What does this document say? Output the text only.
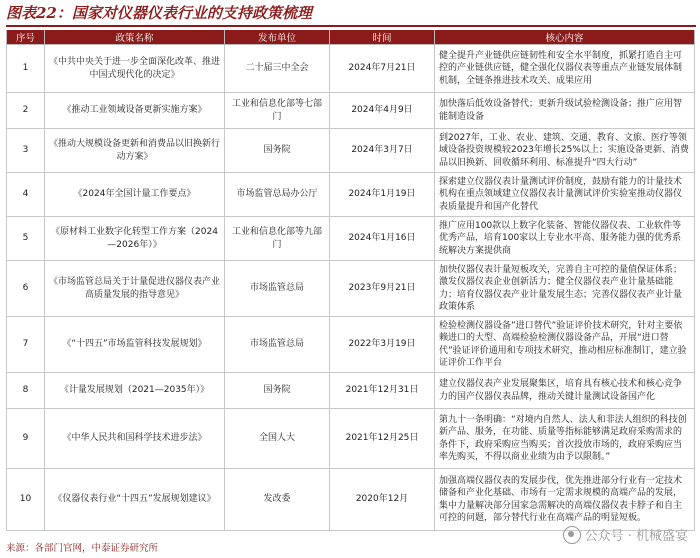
图表22：国家对仪器仪表行业的支持政策梳理
序号	政策名称	发布单位	时间	核心内容
1	《中共中央关于进一步全面深化改革、推进中国式现代化的决定》	二十届三中全会	2024年7月21日	健全提升产业链供应链韧性和安全水平制度，抓紧打造自主可控的产业链供应链，健全强化仪器仪表等重点产业链发展体制机制，全链条推进技术攻关、成果应用
2	《推动工业领域设备更新实施方案》	工业和信息化部等七部门	2024年4月9日	加快落后低效设备替代；更新升级试验检测设备；推广应用智能制造设备
3	《推动大规模设备更新和消费品以旧换新行动方案》	国务院	2024年3月7日	到2027年，工业、农业、建筑、交通、教育、文旅、医疗等领域设备投资规模较2023年增长25%以上；实施设备更新、消费品以旧换新、回收循环利用、标准提升“四大行动”
4	《2024年全国计量工作要点》	市场监管总局办公厅	2024年1月19日	探索建立仪器仪表计量测试评价制度，鼓励有能力的计量技术机构在重点领域建立仪器仪表计量测试评价实验室推动仪器仪表质量提升和国产化替代
5	《原材料工业数字化转型工作方案（2024—2026年）》	工业和信息化部等九部门	2024年1月16日	推广应用100款以上数字化装备、智能仪器仪表、工业软件等优秀产品，培育100家以上专业水平高、服务能力强的优秀系统解决方案提供商
6	《市场监管总局关于计量促进仪器仪表产业高质量发展的指导意见》	市场监管总局	2023年9月21日	加快仪器仪表计量短板攻关，完善自主可控的量值保证体系；激发仪器仪表企业创新活力；健全仪器仪表产业计量基础能力；培育仪器仪表产业计量发展生态；完善仪器仪表产业计量政策体系
7	《“十四五”市场监管科技发展规划》	市场监管总局	2022年3月19日	检验检测仪器设备”进口替代”验证评价技术研究，针对主要依赖进口的大型、高端检验检测仪器设备产品，开展“进口替代”验证评价通用和专项技术研究，推动相应标准制订，建立验证评价工作平台
8	《计量发展规划（2021—2035年）》	国务院	2021年12月31日	建立仪器仪表产业发展聚集区，培育具有核心技术和核心竞争力的国产仪器仪表品牌，推动关键计量测试设备国产化
9	《中华人民共和国科学技术进步法》	全国人大	2021年12月25日	第九十一条明确：“对境内自然人、法人和非法人组织的科技创新产品、服务，在功能、质量等指标能够满足政府采购需求的条件下，政府采购应当购买；首次投放市场的，政府采购应当率先购买，不得以商业业绩为由予以限制。”
10	《仪器仪表行业“十四五”发展规划建议》	发改委	2020年12月	加强高端仪器仪表的发展步伐，优先推进部分行业有一定技术储备和产业化基础、市场有一定需求规模的高端产品的发展，集中力量解决部分国家急需解决的高端仪器仪表卡脖子和自主可控的问题，部分替代行业在高端产品的明显短板。
来源：各部门官网，中泰证券研究所
公众号 · 机械盛宴
